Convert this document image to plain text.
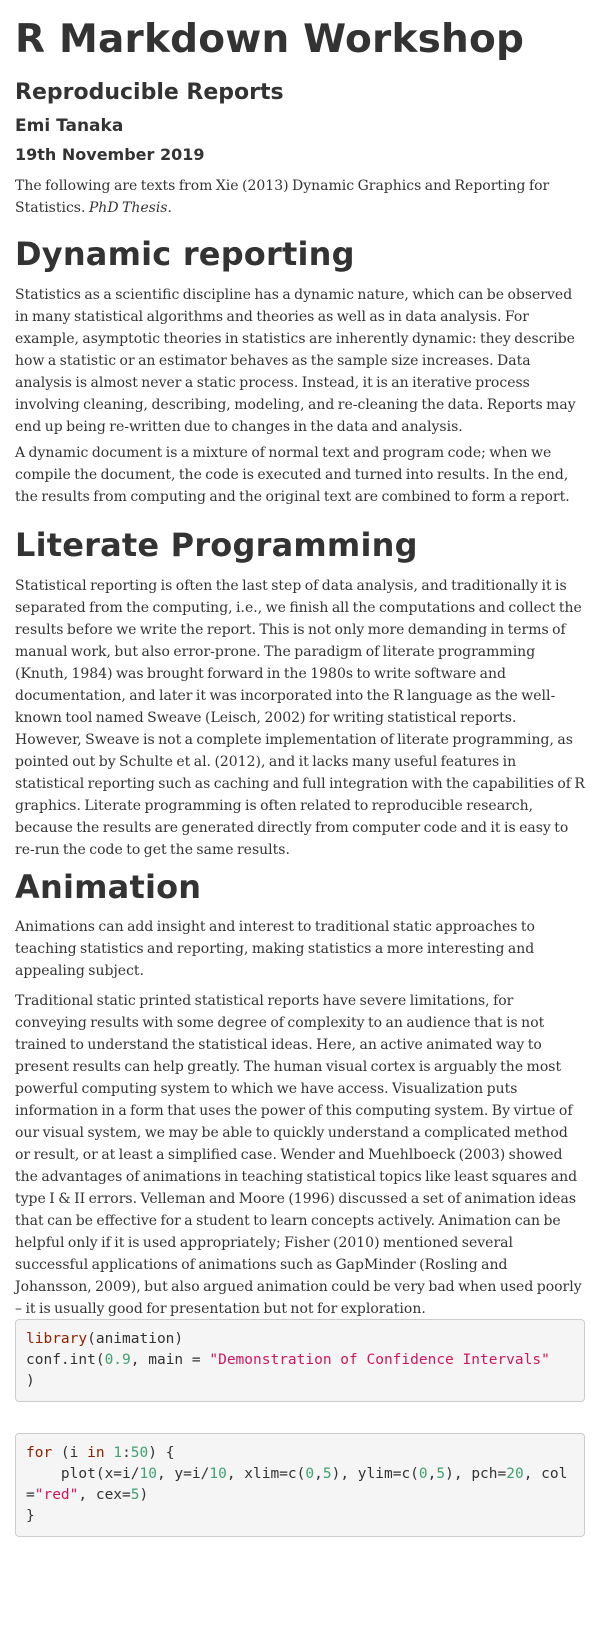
R Markdown Workshop
Reproducible Reports
Emi Tanaka
19th November 2019

The following are texts from Xie (2013) Dynamic Graphics and Reporting for Statistics. PhD Thesis.

Dynamic reporting

Statistics as a scientific discipline has a dynamic nature, which can be observed in many statistical algorithms and theories as well as in data analysis. For example, asymptotic theories in statistics are inherently dynamic: they describe how a statistic or an estimator behaves as the sample size increases. Data analysis is almost never a static process. Instead, it is an iterative process involving cleaning, describing, modeling, and re-cleaning the data. Reports may end up being re-written due to changes in the data and analysis.

A dynamic document is a mixture of normal text and program code; when we compile the document, the code is executed and turned into results. In the end, the results from computing and the original text are combined to form a report.

Literate Programming

Statistical reporting is often the last step of data analysis, and traditionally it is separated from the computing, i.e., we finish all the computations and collect the results before we write the report. This is not only more demanding in terms of manual work, but also error-prone. The paradigm of literate programming (Knuth, 1984) was brought forward in the 1980s to write software and documentation, and later it was incorporated into the R language as the well-known tool named Sweave (Leisch, 2002) for writing statistical reports. However, Sweave is not a complete implementation of literate programming, as pointed out by Schulte et al. (2012), and it lacks many useful features in statistical reporting such as caching and full integration with the capabilities of R graphics. Literate programming is often related to reproducible research, because the results are generated directly from computer code and it is easy to re-run the code to get the same results.

Animation

Animations can add insight and interest to traditional static approaches to teaching statistics and reporting, making statistics a more interesting and appealing subject.

Traditional static printed statistical reports have severe limitations, for conveying results with some degree of complexity to an audience that is not trained to understand the statistical ideas. Here, an active animated way to present results can help greatly. The human visual cortex is arguably the most powerful computing system to which we have access. Visualization puts information in a form that uses the power of this computing system. By virtue of our visual system, we may be able to quickly understand a complicated method or result, or at least a simplified case. Wender and Muehlboeck (2003) showed the advantages of animations in teaching statistical topics like least squares and type I & II errors. Velleman and Moore (1996) discussed a set of animation ideas that can be effective for a student to learn concepts actively. Animation can be helpful only if it is used appropriately; Fisher (2010) mentioned several successful applications of animations such as GapMinder (Rosling and Johansson, 2009), but also argued animation could be very bad when used poorly – it is usually good for presentation but not for exploration.

library(animation)
conf.int(0.9, main = "Demonstration of Confidence Intervals"
)
for (i in 1:50) {
plot(x=i/10, y=i/10, xlim=c(0,5), ylim=c(0,5), pch=20, col="red", cex=5)
}
